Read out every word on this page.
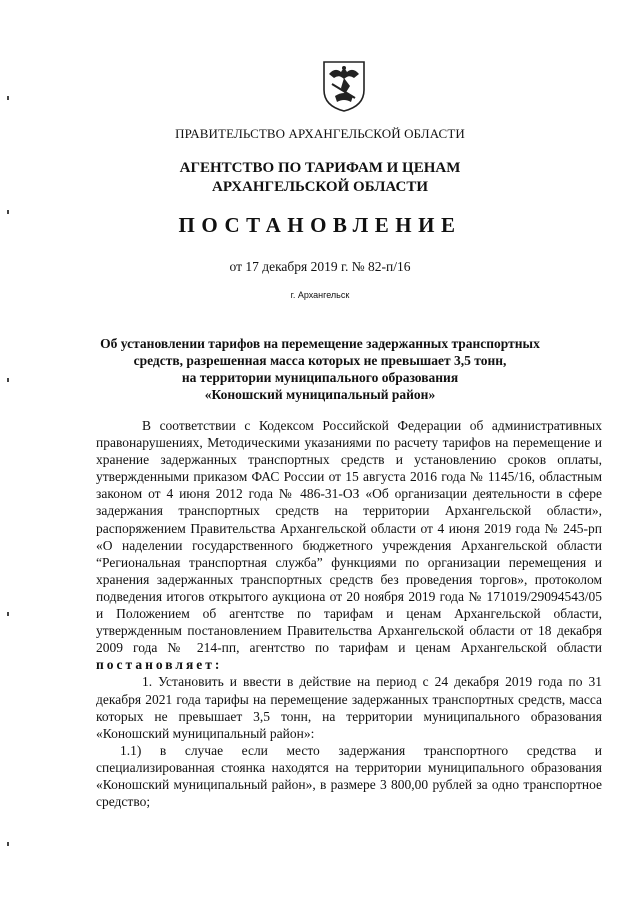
ПРАВИТЕЛЬСТВО АРХАНГЕЛЬСКОЙ ОБЛАСТИ
АГЕНТСТВО ПО ТАРИФАМ И ЦЕНАМ
АРХАНГЕЛЬСКОЙ ОБЛАСТИ
ПОСТАНОВЛЕНИЕ
от 17 декабря 2019 г. № 82-п/16
г. Архангельск
Об установлении тарифов на перемещение задержанных транспортных
средств, разрешенная масса которых не превышает 3,5 тонн,
на территории муниципального образования
«Коношский муниципальный район»

В соответствии с Кодексом Российской Федерации об административных правонарушениях, Методическими указаниями по расчету тарифов на перемещение и хранение задержанных транспортных средств и установлению сроков оплаты, утвержденными приказом ФАС России от 15 августа 2016 года № 1145/16, областным законом от 4 июня 2012 года № 486-31-ОЗ «Об организации деятельности в сфере задержания транспортных средств на территории Архангельской области», распоряжением Правительства Архангельской области от 4 июня 2019 года № 245-рп «О наделении государственного бюджетного учреждения Архангельской области “Региональная транспортная служба” функциями по организации перемещения и хранения задержанных транспортных средств без проведения торгов», протоколом подведения итогов открытого аукциона от 20 ноября 2019 года № 171019/29094543/05 и Положением об агентстве по тарифам и ценам Архангельской области, утвержденным постановлением Правительства Архангельской области от 18 декабря 2009 года № 214-пп, агентство по тарифам и ценам Архангельской области постановляет:

1. Установить и ввести в действие на период с 24 декабря 2019 года по 31 декабря 2021 года тарифы на перемещение задержанных транспортных средств, масса которых не превышает 3,5 тонн, на территории муниципального образования «Коношский муниципальный район»:

1.1) в случае если место задержания транспортного средства и специализированная стоянка находятся на территории муниципального образования «Коношский муниципальный район», в размере 3 800,00 рублей за одно транспортное средство;
